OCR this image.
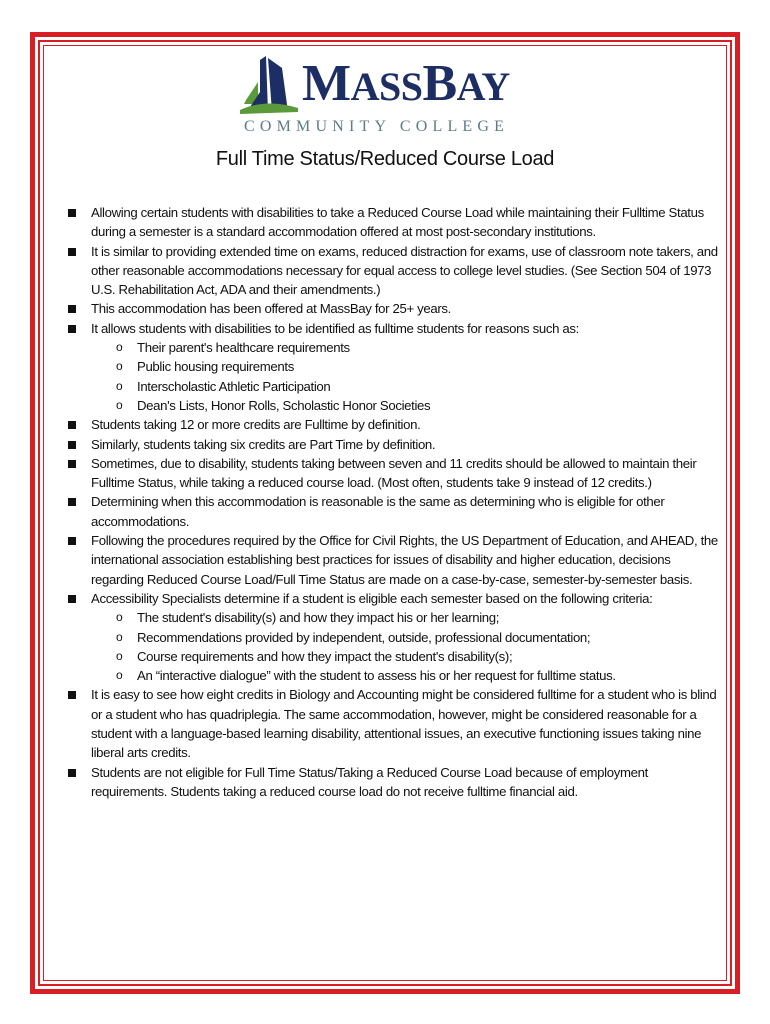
MASSBAY
COMMUNITY COLLEGE
Full Time Status/Reduced Course Load
Allowing certain students with disabilities to take a Reduced Course Load while maintaining their Fulltime Status during a semester is a standard accommodation offered at most post-secondary institutions.
It is similar to providing extended time on exams, reduced distraction for exams, use of classroom note takers, and other reasonable accommodations necessary for equal access to college level studies. (See Section 504 of 1973 U.S. Rehabilitation Act, ADA and their amendments.)
This accommodation has been offered at MassBay for 25+ years.
It allows students with disabilities to be identified as fulltime students for reasons such as:
o Their parent's healthcare requirements
o Public housing requirements
o Interscholastic Athletic Participation
o Dean's Lists, Honor Rolls, Scholastic Honor Societies
Students taking 12 or more credits are Fulltime by definition.
Similarly, students taking six credits are Part Time by definition.
Sometimes, due to disability, students taking between seven and 11 credits should be allowed to maintain their Fulltime Status, while taking a reduced course load. (Most often, students take 9 instead of 12 credits.)
Determining when this accommodation is reasonable is the same as determining who is eligible for other accommodations.
Following the procedures required by the Office for Civil Rights, the US Department of Education, and AHEAD, the international association establishing best practices for issues of disability and higher education, decisions regarding Reduced Course Load/Full Time Status are made on a case-by-case, semester-by-semester basis.
Accessibility Specialists determine if a student is eligible each semester based on the following criteria:
o The student's disability(s) and how they impact his or her learning;
o Recommendations provided by independent, outside, professional documentation;
o Course requirements and how they impact the student's disability(s);
o An “interactive dialogue” with the student to assess his or her request for fulltime status.
It is easy to see how eight credits in Biology and Accounting might be considered fulltime for a student who is blind or a student who has quadriplegia. The same accommodation, however, might be considered reasonable for a student with a language-based learning disability, attentional issues, an executive functioning issues taking nine liberal arts credits.
Students are not eligible for Full Time Status/Taking a Reduced Course Load because of employment requirements. Students taking a reduced course load do not receive fulltime financial aid.
